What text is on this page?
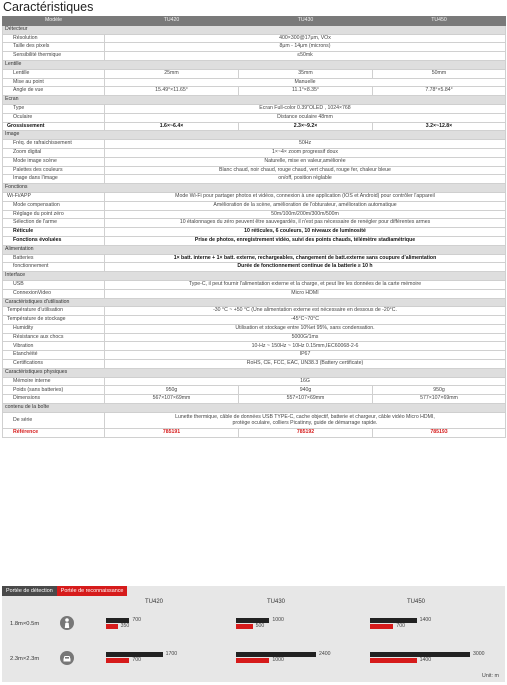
Caractéristiques
Modèle	TU420	TU430	TU450
Détecteur			
Résolution	400×300@17μm, VOx		
Taille des pixels	8μm - 14μm (microns)		
Sensibilité thermique	≤50mk		
Lentille			
Lentille	25mm	35mm	50mm
Mise au point	Manuelle		
Angle de vue	15.49°×11.65°	11.1°×8.35°	7.78°×5.84°
Ecran			
Type	Ecran Full-color 0.39"OLED , 1024×768		
Oculaire	Distance oculaire 48mm		
Grossissement	1.6×~6.4×	2.3×~9.2×	3.2×~12.8×
Image			
Fréq. de rafraichissement	50Hz		
Zoom digital	1×~4× zoom progressif doux		
Mode image scène	Naturelle, mise en valeur,améliorée		
Palettes des couleurs	Blanc chaud, noir chaud, rouge chaud, vert chaud, rouge fer, chaleur bleue		
Image dans l'image	on/off, position réglable		
Fonctions			
Wi-Fi/APP	Mode Wi-Fi pour partager photos et vidéos, connexion à une application (IOS et Android) pour contrôler l'appareil		
Mode compensation	Amélioration de la scène, amélioration de l'obturateur, amélioration automatique		
Réglage du point zéro	50m/100m/200m/300m/500m		
Sélection de l'arme	10 étalonnages du zéro peuvent être sauvegardés, il n'est pas nécessaire de renégler pour différentes armes		
Réticule	10 réticules, 6 couleurs, 10 niveaux de luminosité		
Fonctions évoluées	Prise de photos, enregistrement vidéo, suivi des points chauds, télémètre stadiamétrique		
Alimentation			
Batteries	1× batt. interne + 1× batt. externe, rechargeables, changement de batt.externe sans coupure d'alimentation		
fonctionnement	Durée de fonctionnement continue de la batterie ≥ 10 h		
Interface			
USB	Type-C, il peut fournir l'alimentation externe et la charge, et peut lire les données de la carte mémoire		
ConnexionVideo	Micro HDMI		
Caractéristiques d'utilisation			
Température d'utilisation	-30 °C ~ +50 °C (Une alimentation externe est nécessaire en dessous de -20°C.		
Température de stockage	-45°C~70°C		
Humidity	Utilisation et stockage entre 10%et 95%, sans condensation.		
Résistance aux chocs	5000G/1ms		
Vibration	10-Hz ~ 150Hz ~ 10Hz 0.15mm,IEC60068-2-6		
Etanchéité	IP67		
Certifications	RoHS, CE, FCC, EAC, UN38.3 (Battery certificate)		
Caractéristiques physiques			
Mémoire interne	16G		
Poids (sans batteries)	950g	940g	950g
Dimensions	567×107×69mm	557×107×69mm	577×107×69mm
contenu de la boîte			
De série	Lunette thermique, câble de données USB TYPE-C, cache objectif, batterie et chargeur, câble vidéo Micro HDMI,
protège oculaire, colliers Picatinny, guide de démarrage rapide.		

Référence	785191	785192	785193
Portée de détection	Portée de reconnaissance
TU420	TU430	TU450
1.8m×0.5m
2.3m×2.3m
700	1000	1400
350	500	700
1700	2400	3000
700	1000	1400
Unit: m
